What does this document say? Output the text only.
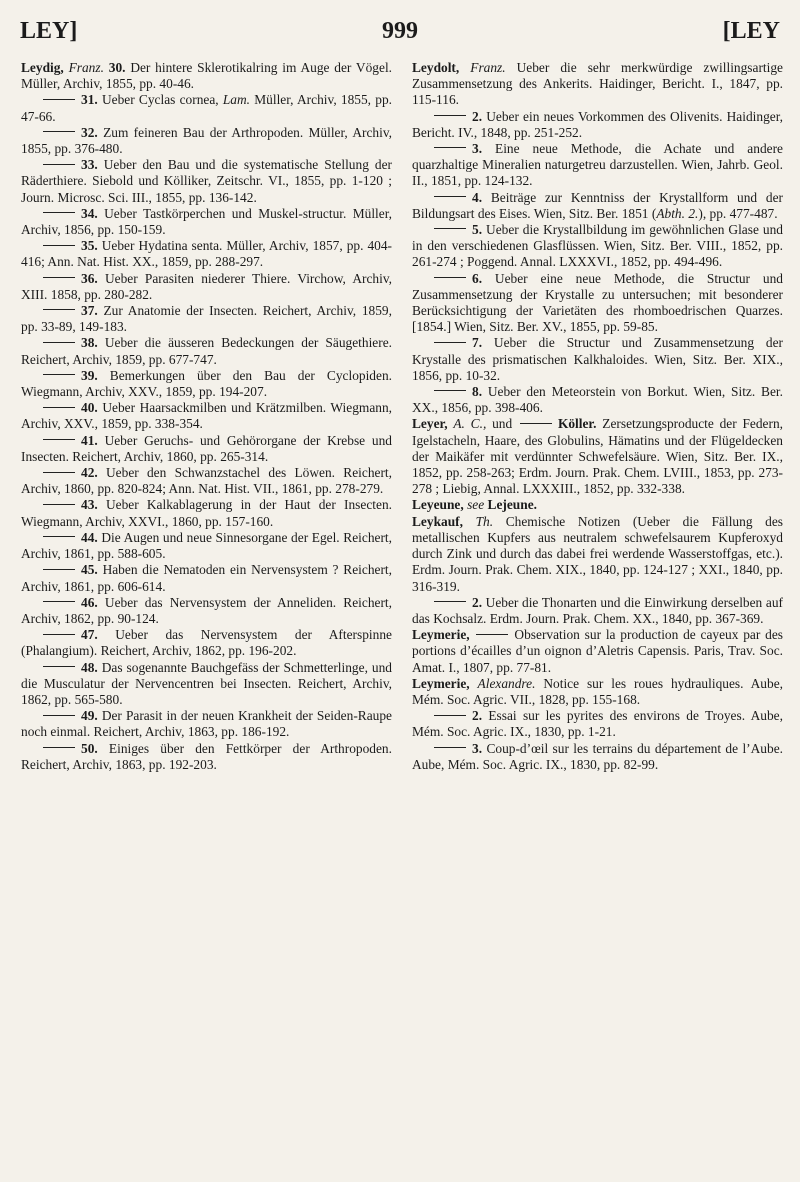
LEY]	999	[LEY
Leydig, Franz. 30. Der hintere Sklerotikalring im Auge der Vögel. Müller, Archiv, 1855, pp. 40-46.
31. Ueber Cyclas cornea, Lam. Müller, Archiv, 1855, pp. 47-66.
32. Zum feineren Bau der Arthropoden. Müller, Archiv, 1855, pp. 376-480.
33. Ueber den Bau und die systematische Stellung der Räderthiere. Siebold und Kölliker, Zeitschr. VI., 1855, pp. 1-120 ; Journ. Microsc. Sci. III., 1855, pp. 136-142.
34. Ueber Tastkörperchen und Muskel-structur. Müller, Archiv, 1856, pp. 150-159.
35. Ueber Hydatina senta. Müller, Archiv, 1857, pp. 404-416; Ann. Nat. Hist. XX., 1859, pp. 288-297.
36. Ueber Parasiten niederer Thiere. Virchow, Archiv, XIII. 1858, pp. 280-282.
37. Zur Anatomie der Insecten. Reichert, Archiv, 1859, pp. 33-89, 149-183.
38. Ueber die äusseren Bedeckungen der Säugethiere. Reichert, Archiv, 1859, pp. 677-747.
39. Bemerkungen über den Bau der Cyclopiden. Wiegmann, Archiv, XXV., 1859, pp. 194-207.
40. Ueber Haarsackmilben und Krätzmilben. Wiegmann, Archiv, XXV., 1859, pp. 338-354.
41. Ueber Geruchs- und Gehörorgane der Krebse und Insecten. Reichert, Archiv, 1860, pp. 265-314.
42. Ueber den Schwanzstachel des Löwen. Reichert, Archiv, 1860, pp. 820-824; Ann. Nat. Hist. VII., 1861, pp. 278-279.
43. Ueber Kalkablagerung in der Haut der Insecten. Wiegmann, Archiv, XXVI., 1860, pp. 157-160.
44. Die Augen und neue Sinnesorgane der Egel. Reichert, Archiv, 1861, pp. 588-605.
45. Haben die Nematoden ein Nervensystem ? Reichert, Archiv, 1861, pp. 606-614.
46. Ueber das Nervensystem der Anneliden. Reichert, Archiv, 1862, pp. 90-124.
47. Ueber das Nervensystem der Afterspinne (Phalangium). Reichert, Archiv, 1862, pp. 196-202.
48. Das sogenannte Bauchgefäss der Schmetterlinge, und die Musculatur der Nervencentren bei Insecten. Reichert, Archiv, 1862, pp. 565-580.
49. Der Parasit in der neuen Krankheit der Seiden-Raupe noch einmal. Reichert, Archiv, 1863, pp. 186-192.
50. Einiges über den Fettkörper der Arthropoden. Reichert, Archiv, 1863, pp. 192-203.
Leydolt, Franz. Ueber die sehr merkwürdige zwillingsartige Zusammensetzung des Ankerits. Haidinger, Bericht. I., 1847, pp. 115-116.
2. Ueber ein neues Vorkommen des Olivenits. Haidinger, Bericht. IV., 1848, pp. 251-252.
3. Eine neue Methode, die Achate und andere quarzhaltige Mineralien naturgetreu darzustellen. Wien, Jahrb. Geol. II., 1851, pp. 124-132.
4. Beiträge zur Kenntniss der Krystallform und der Bildungsart des Eises. Wien, Sitz. Ber. 1851 (Abth. 2.), pp. 477-487.
5. Ueber die Krystallbildung im gewöhnlichen Glase und in den verschiedenen Glasflüssen. Wien, Sitz. Ber. VIII., 1852, pp. 261-274 ; Poggend. Annal. LXXXVI., 1852, pp. 494-496.
6. Ueber eine neue Methode, die Structur und Zusammensetzung der Krystalle zu untersuchen; mit besonderer Berücksichtigung der Varietäten des rhomboedrischen Quarzes. [1854.] Wien, Sitz. Ber. XV., 1855, pp. 59-85.
7. Ueber die Structur und Zusammensetzung der Krystalle des prismatischen Kalkhaloides. Wien, Sitz. Ber. XIX., 1856, pp. 10-32.
8. Ueber den Meteorstein von Borkut. Wien, Sitz. Ber. XX., 1856, pp. 398-406.
Leyer, A. C., und	Köller. Zersetzungsproducte der Federn, Igelstacheln, Haare, des Globulins, Hämatins und der Flügeldecken der Maikäfer mit verdünnter Schwefelsäure. Wien, Sitz. Ber. IX., 1852, pp. 258-263; Erdm. Journ. Prak. Chem. LVIII., 1853, pp. 273-278 ; Liebig, Annal. LXXXIII., 1852, pp. 332-338.
Leyeune, see Lejeune.
Leykauf, Th. Chemische Notizen (Ueber die Fällung des metallischen Kupfers aus neutralem schwefelsaurem Kupferoxyd durch Zink und durch das dabei frei werdende Wasserstoffgas, etc.). Erdm. Journ. Prak. Chem. XIX., 1840, pp. 124-127 ; XXI., 1840, pp. 316-319.
2. Ueber die Thonarten und die Einwirkung derselben auf das Kochsalz. Erdm. Journ. Prak. Chem. XX., 1840, pp. 367-369.
Leymerie,	Observation sur la production de cayeux par des portions d’écailles d’un oignon d’Aletris Capensis. Paris, Trav. Soc. Amat. I., 1807, pp. 77-81.
Leymerie, Alexandre. Notice sur les roues hydrauliques. Aube, Mém. Soc. Agric. VII., 1828, pp. 155-168.
2. Essai sur les pyrites des environs de Troyes. Aube, Mém. Soc. Agric. IX., 1830, pp. 1-21.
3. Coup-d’œil sur les terrains du département de l’Aube. Aube, Mém. Soc. Agric. IX., 1830, pp. 82-99.
